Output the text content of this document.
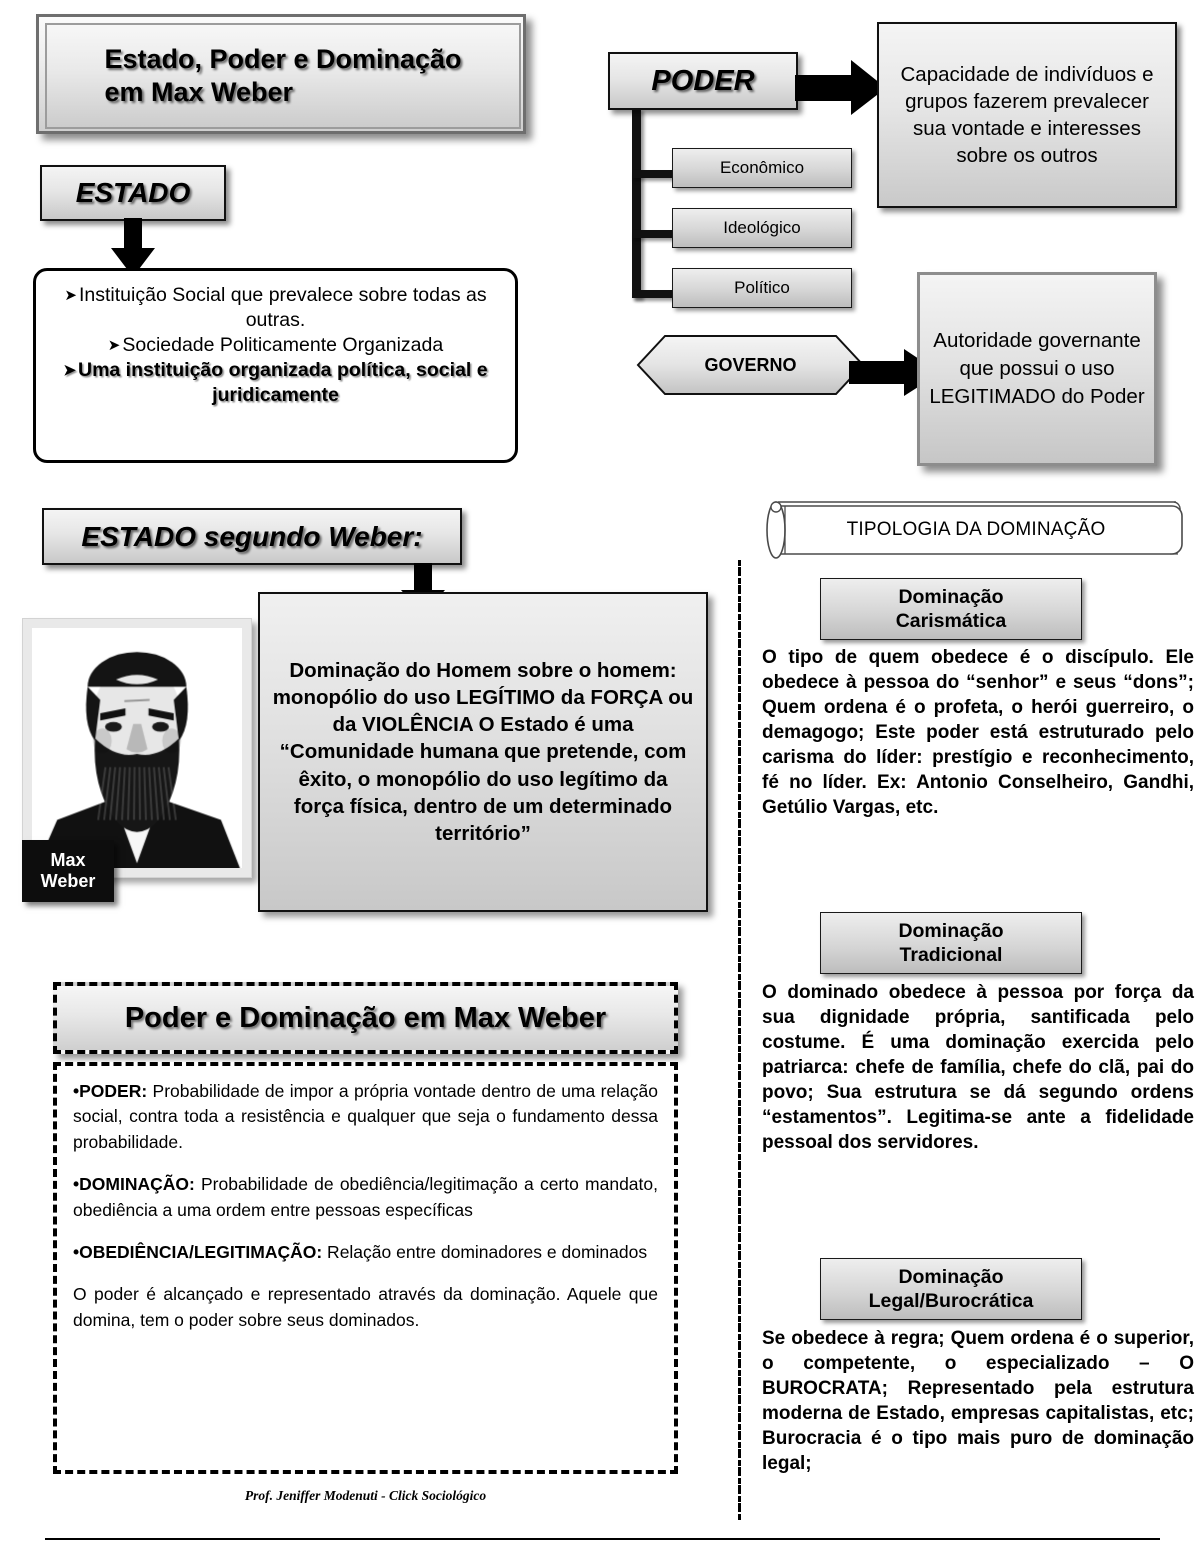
Estado, Poder e Dominação
em Max Weber
ESTADO
➤ Instituição Social que prevalece sobre todas as outras.
➤ Sociedade Politicamente Organizada
➤ Uma instituição organizada política, social e juridicamente
PODER	Capacidade de indivíduos e grupos fazerem prevalecer sua vontade e interesses sobre os outros
Econômico
Ideológico
Político
GOVERNO
Autoridade governante que possui o uso LEGITIMADO do Poder
ESTADO segundo Weber:
Max
Weber
Dominação do Homem sobre o homem: monopólio do uso LEGÍTIMO da FORÇA ou da VIOLÊNCIA O Estado é uma “Comunidade humana que pretende, com êxito, o monopólio do uso legítimo da força física, dentro de um determinado território”
Poder e Dominação em Max Weber

•PODER: Probabilidade de impor a própria vontade dentro de uma relação social, contra toda a resistência e qualquer que seja o fundamento dessa probabilidade.

•DOMINAÇÃO: Probabilidade de obediência/legitimação a certo mandato, obediência a uma ordem entre pessoas específicas

•OBEDIÊNCIA/LEGITIMAÇÃO: Relação entre dominadores e dominados

O poder é alcançado e representado através da dominação. Aquele que domina, tem o poder sobre seus dominados.

Prof. Jeniffer Modenuti - Click Sociológico
TIPOLOGIA DA DOMINAÇÃO
Dominação
Carismática
O tipo de quem obedece é o discípulo. Ele obedece à pessoa do “senhor” e seus “dons”; Quem ordena é o profeta, o herói guerreiro, o demagogo; Este poder está estruturado pelo carisma do líder: prestígio e reconhecimento, fé no líder. Ex: Antonio Conselheiro, Gandhi, Getúlio Vargas, etc.
Dominação
Tradicional
O dominado obedece à pessoa por força da sua dignidade própria, santificada pelo costume. É uma dominação exercida pelo patriarca: chefe de família, chefe do clã, pai do povo; Sua estrutura se dá segundo ordens “estamentos”. Legitima-se ante a fidelidade pessoal dos servidores.
Dominação
Legal/Burocrática
Se obedece à regra; Quem ordena é o superior, o competente, o especializado – O BUROCRATA; Representado pela estrutura moderna de Estado, empresas capitalistas, etc; Burocracia é o tipo mais puro de dominação legal;
